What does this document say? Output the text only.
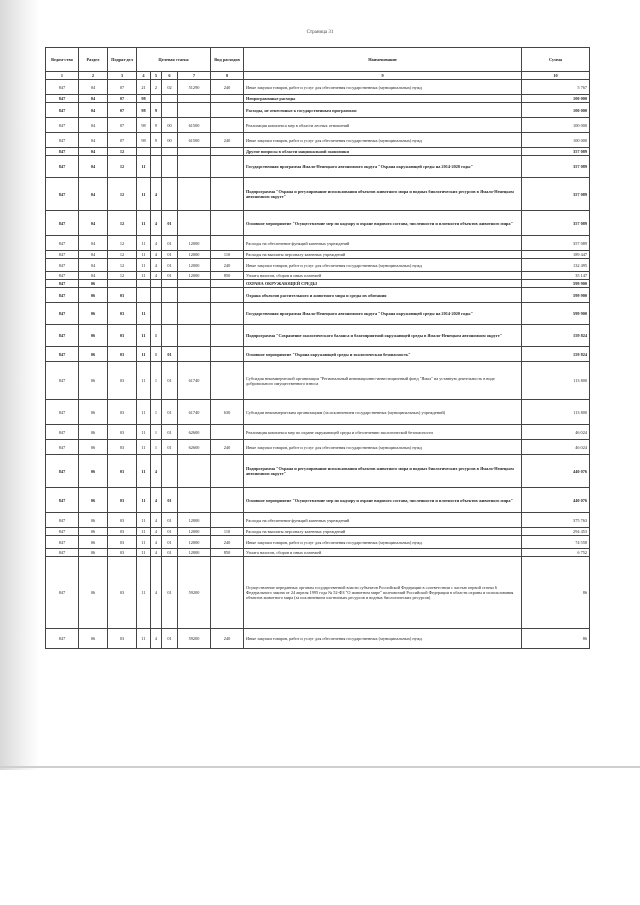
Страница 31
Ведом-ство	Раздел	Подраз-дел	Целевая статья				Вид расходов	Наименование	Сумма

1	2	3	4	5	6	7	8	9	10
847	04	07	21	2	02	51290	240	Иные закупки товаров, работ и услуг для обеспечения государственных (муниципальных) нужд	5 767
847	04	07	98					Непрограммные расходы	100 000
847	04	07	98	9				Расходы, не отнесенные к государственным программам	100 000
847	04	07	98	9	00	61500		Реализация комплекса мер в области лесных отношений	100 000
847	04	07	98	9	00	61500	240	Иные закупки товаров, работ и услуг для обеспечения государственных (муниципальных) нужд	100 000
847	04	12						Другие вопросы в области национальной экономики	357 089
847	04	12	11					Государственная программа Ямало-Ненецкого автономного округа "Охрана окружающей среды на 2014-2020 годы"	357 089
847	04	12	11	4				Подпрограмма "Охрана и регулирование использования объектов животного мира и водных биологических ресурсов в Ямало-Ненецком автономном округе"	357 089
847	04	12	11	4	01			Основное мероприятие "Осуществление мер по надзору и охране видового состава, численности и плотности объектов животного мира"	357 089
847	04	12	11	4	01	12000		Расходы на обеспечение функций казенных учреждений	357 089
847	04	12	11	4	01	12000	110	Расходы на выплаты персоналу казенных учреждений	189 447
847	04	12	11	4	01	12000	240	Иные закупки товаров, работ и услуг для обеспечения государственных (муниципальных) нужд	132 495
847	04	12	11	4	01	12000	850	Уплата налогов, сборов и иных платежей	35 147
847	06							ОХРАНА ОКРУЖАЮЩЕЙ СРЕДЫ	599 900
847	06	03						Охрана объектов растительного и животного мира и среды их обитания	599 900
847	06	03	11					Государственная программа Ямало-Ненецкого автономного округа "Охрана окружающей среды на 2014-2020 годы"	599 900
847	06	03	11	1				Подпрограмма "Сохранение экологического баланса и благоприятной окружающей среды в Ямало-Ненецком автономном округе"	159 824
847	06	03	11	1	01			Основное мероприятие "Охрана окружающей среды и экологическая безопасность"	159 824
847	06	03	11	1	01	61740		Субсидия некоммерческой организации "Региональный инновационно-инвестиционный фонд "Ямал" на уставную деятельность в виде добровольного имущественного взноса	113 800
847	06	03	11	1	01	61740	630	Субсидии некоммерческим организациям (за исключением государственных (муниципальных) учреждений)	113 800
847	06	03	11	1	01	62600		Реализация комплекса мер по охране окружающей среды и обеспечению экологической безопасности	46 024
847	06	03	11	1	01	62600	240	Иные закупки товаров, работ и услуг для обеспечения государственных (муниципальных) нужд	46 024
847	06	03	11	4				Подпрограмма "Охрана и регулирование использования объектов животного мира и водных биологических ресурсов в Ямало-Ненецком автономном округе"	440 076
847	06	03	11	4	01			Основное мероприятие "Осуществление мер по надзору и охране видового состава, численности и плотности объектов животного мира"	440 076
847	06	03	11	4	01	12000		Расходы на обеспечение функций казенных учреждений	375 763
847	06	03	11	4	01	12000	110	Расходы на выплаты персоналу казенных учреждений	294 453
847	06	03	11	4	01	12000	240	Иные закупки товаров, работ и услуг для обеспечения государственных (муниципальных) нужд	74 558
847	06	03	11	4	01	12000	850	Уплата налогов, сборов и иных платежей	6 752
847	06	03	11	4	01	59200		Осуществление переданных органам государственной власти субъектов Российской Федерации в соответствии с частью первой статьи 6 Федерального закона от 24 апреля 1995 года № 52-ФЗ "О животном мире" полномочий Российской Федерации в области охраны и использования объектов животного мира (за исключением охотничьих ресурсов и водных биологических ресурсов)	86
847	06	03	11	4	01	59200	240	Иные закупки товаров, работ и услуг для обеспечения государственных (муниципальных) нужд	86
